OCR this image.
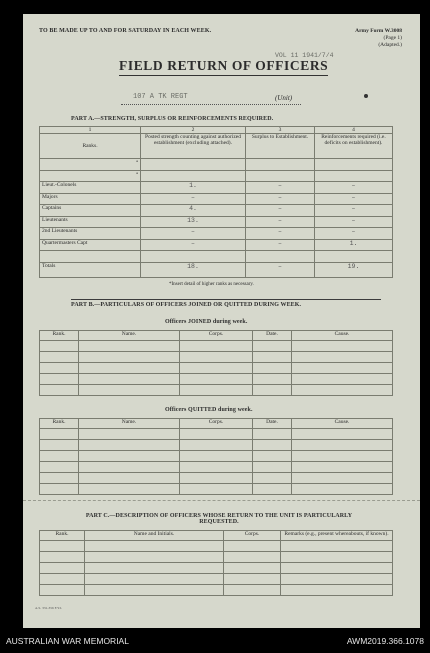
TO BE MADE UP TO AND FOR SATURDAY IN EACH WEEK.	Army Form W.3008
(Page 1)
(Adapted.)
VOL 11 1941/7/4
FIELD RETURN OF OFFICERS
107 A TK REGT	(Unit)
PART A.—STRENGTH, SURPLUS OR REINFORCEMENTS REQUIRED.
1	2	3	4
Ranks.	Posted strength counting against authorized establishment (excluding attached).	Surplus to Establishment.	Reinforcements required (i.e. deficits on establishment).
•			
•			
Lieut.-Colonels	1.	–	–
Majors	–	–	–
Captains	4.	–	–
Lieutenants	13.	–	–
2nd Lieutenants	–	–	–
Quartermasters Capt	–	–	1.

Totals	18.	–	19.
*Insert detail of higher ranks as necessary.
PART B.—PARTICULARS OF OFFICERS JOINED OR QUITTED DURING WEEK.
Officers JOINED during week.
Rank.	Name.	Corps.	Date.	Cause.

Officers QUITTED during week.
Rank.	Name.	Corps.	Date.	Cause.

PART C.—DESCRIPTION OF OFFICERS WHOSE RETURN TO THE UNIT IS PARTICULARLY
REQUESTED.
Rank.	Name and Initials.	Corps.	Remarks (e.g., present whereabouts, if known).

A.S. 331-356 F.Y.I.
AUSTRALIAN WAR MEMORIAL	AWM2019.366.1078
